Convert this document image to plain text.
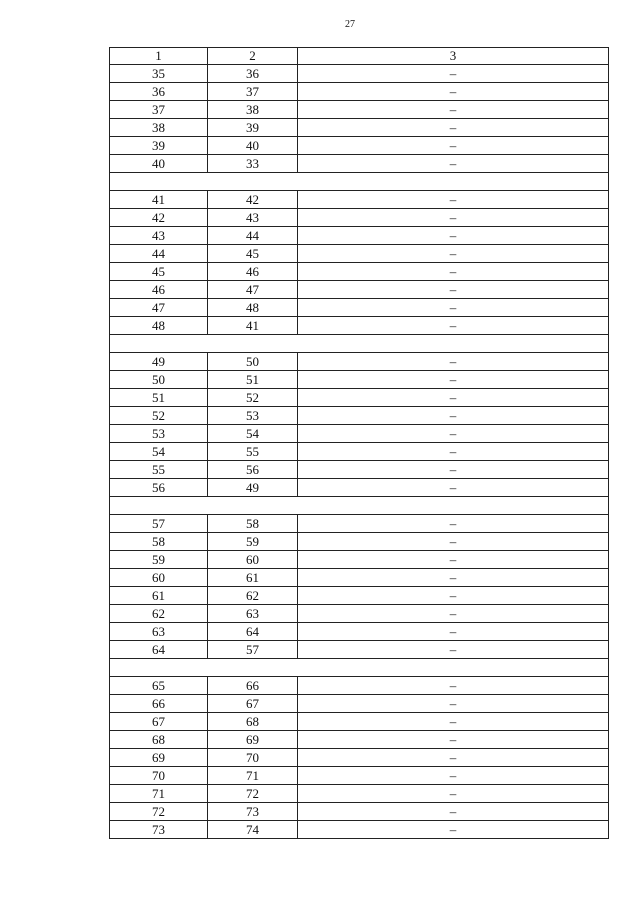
27
1	2	3
35	36	–
36	37	–
37	38	–
38	39	–
39	40	–
40	33	–

41	42	–
42	43	–
43	44	–
44	45	–
45	46	–
46	47	–
47	48	–
48	41	–

49	50	–
50	51	–
51	52	–
52	53	–
53	54	–
54	55	–
55	56	–
56	49	–

57	58	–
58	59	–
59	60	–
60	61	–
61	62	–
62	63	–
63	64	–
64	57	–

65	66	–
66	67	–
67	68	–
68	69	–
69	70	–
70	71	–
71	72	–
72	73	–
73	74	–
